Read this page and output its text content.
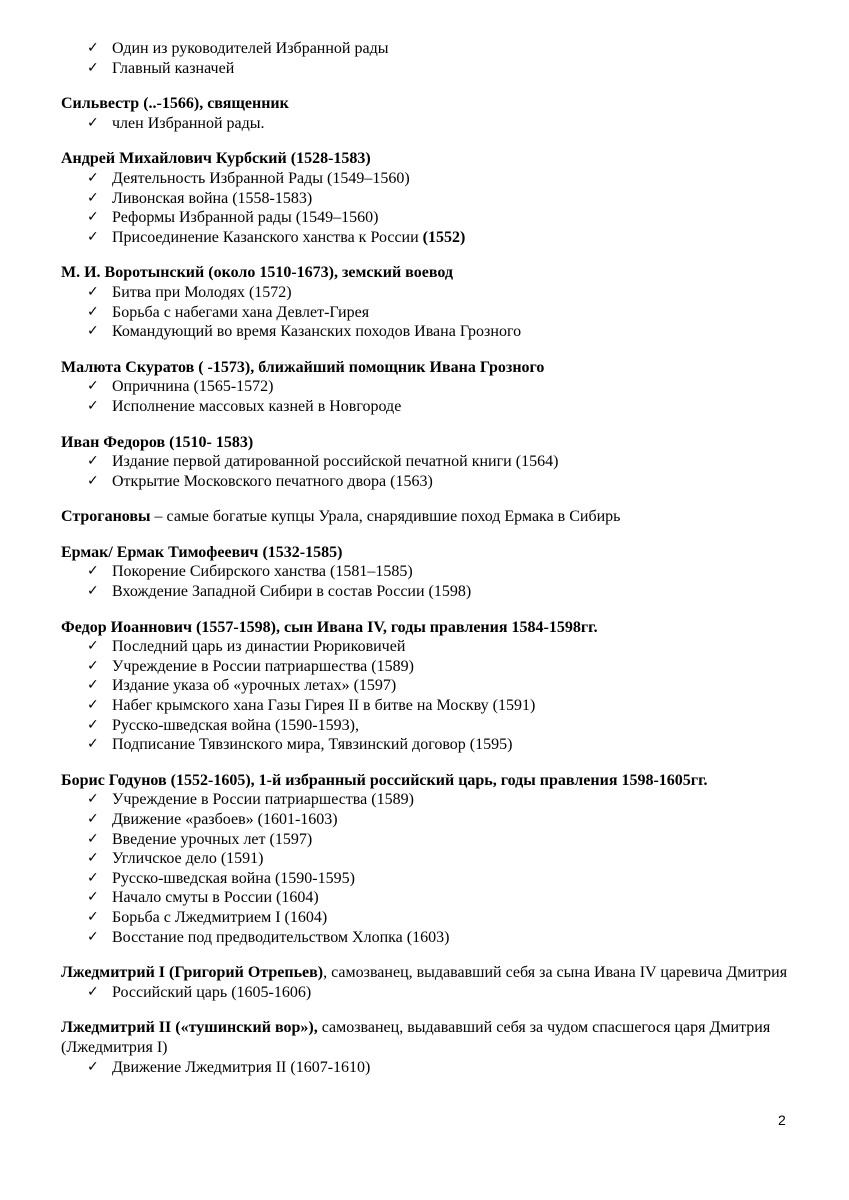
✓ Один из руководителей Избранной рады
✓ Главный казначей

Сильвестр (..-1566), священник

✓ член Избранной рады.

Андрей Михайлович Курбский (1528-1583)

✓ Деятельность Избранной Рады (1549–1560)
✓ Ливонская война (1558-1583)
✓ Реформы Избранной рады (1549–1560)
✓ Присоединение Казанского ханства к России (1552)

М. И. Воротынский (около 1510-1673), земский воевод

✓ Битва при Молодях (1572)
✓ Борьба с набегами хана Девлет-Гирея
✓ Командующий во время Казанских походов Ивана Грозного

Малюта Скуратов ( -1573), ближайший помощник Ивана Грозного

✓ Опричнина (1565-1572)
✓ Исполнение массовых казней в Новгороде

Иван Федоров (1510- 1583)

✓ Издание первой датированной российской печатной книги (1564)
✓ Открытие Московского печатного двора (1563)

Строгановы – самые богатые купцы Урала, снарядившие поход Ермака в Сибирь

Ермак/ Ермак Тимофеевич (1532-1585)

✓ Покорение Сибирского ханства (1581–1585)
✓ Вхождение Западной Сибири в состав России (1598)

Федор Иоаннович (1557-1598), сын Ивана IV, годы правления 1584-1598гг.

✓ Последний царь из династии Рюриковичей
✓ Учреждение в России патриаршества (1589)
✓ Издание указа об «урочных летах» (1597)
✓ Набег крымского хана Газы Гирея II в битве на Москву (1591)
✓ Русско-шведская война (1590-1593),
✓ Подписание Тявзинского мира, Тявзинский договор (1595)

Борис Годунов (1552-1605), 1-й избранный российский царь, годы правления 1598-1605гг.

✓ Учреждение в России патриаршества (1589)
✓ Движение «разбоев» (1601-1603)
✓ Введение урочных лет (1597)
✓ Угличское дело (1591)
✓ Русско-шведская война (1590-1595)
✓ Начало смуты в России (1604)
✓ Борьба с Лжедмитрием I (1604)
✓ Восстание под предводительством Хлопка (1603)

Лжедмитрий I (Григорий Отрепьев), самозванец, выдававший себя за сына Ивана IV царевича Дмитрия

✓ Российский царь (1605-1606)

Лжедмитрий II («тушинский вор»), самозванец, выдававший себя за чудом спасшегося царя Дмитрия (Лжедмитрия I)

✓ Движение Лжедмитрия II (1607-1610)
2
